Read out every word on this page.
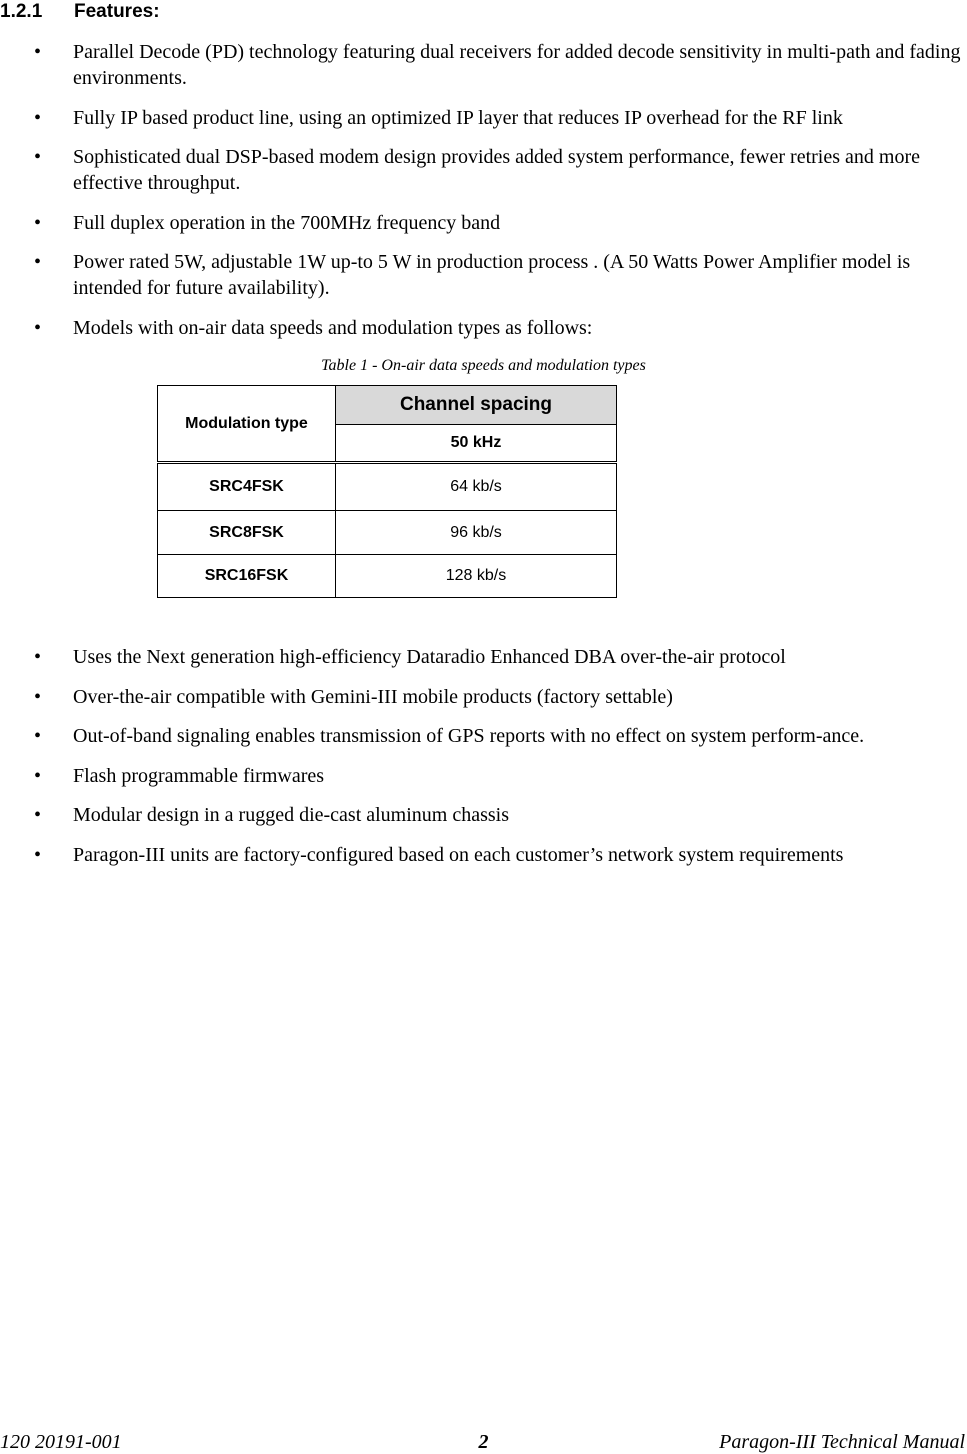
1.2.1 Features:
• Parallel Decode (PD) technology featuring dual receivers for added decode sensitivity in multi-path and fading environments.
• Fully IP based product line, using an optimized IP layer that reduces IP overhead for the RF link
• Sophisticated dual DSP-based modem design provides added system performance, fewer retries and more effective throughput.
• Full duplex operation in the 700MHz frequency band
• Power rated 5W, adjustable 1W up-to 5 W in production process . (A 50 Watts Power Amplifier model is intended for future availability).
• Models with on-air data speeds and modulation types as follows:
Table 1 - On-air data speeds and modulation types
Modulation type	Channel spacing
	50 kHz
SRC4FSK	64 kb/s
SRC8FSK	96 kb/s
SRC16FSK	128 kb/s
• Uses the Next generation high-efficiency Dataradio Enhanced DBA over-the-air protocol
• Over-the-air compatible with Gemini-III mobile products (factory settable)
• Out-of-band signaling enables transmission of GPS reports with no effect on system perform-ance.
• Flash programmable firmwares
• Modular design in a rugged die-cast aluminum chassis
• Paragon-III units are factory-configured based on each customer’s network system requirements
120 20191-001	2	Paragon-III Technical Manual
